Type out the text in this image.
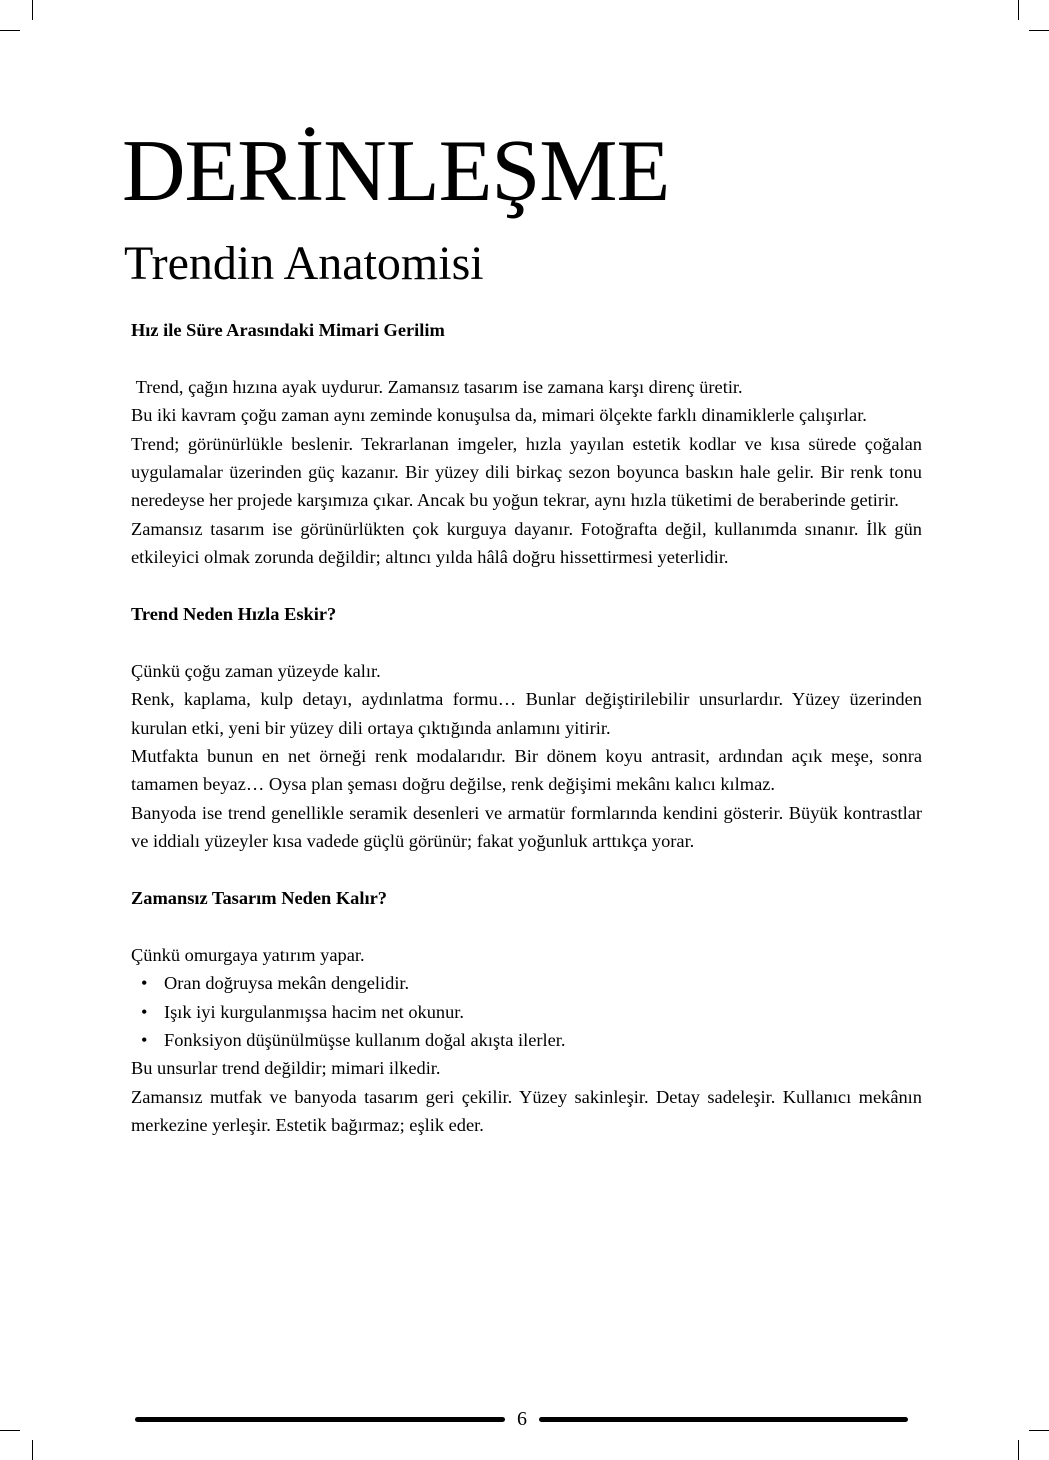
DERİNLEŞME
Trendin Anatomisi
Hız ile Süre Arasındaki Mimari Gerilim

Trend, çağın hızına ayak uydurur. Zamansız tasarım ise zamana karşı direnç üretir.

Bu iki kavram çoğu zaman aynı zeminde konuşulsa da, mimari ölçekte farklı dinamiklerle çalışırlar.

Trend; görünürlükle beslenir. Tekrarlanan imgeler, hızla yayılan estetik kodlar ve kısa sürede çoğalan uygulamalar üzerinden güç kazanır. Bir yüzey dili birkaç sezon boyunca baskın hale gelir. Bir renk tonu neredeyse her projede karşımıza çıkar. Ancak bu yoğun tekrar, aynı hızla tüketimi de beraberinde getirir.

Zamansız tasarım ise görünürlükten çok kurguya dayanır. Fotoğrafta değil, kullanımda sınanır. İlk gün etkileyici olmak zorunda değildir; altıncı yılda hâlâ doğru hissettirmesi yeterlidir.

Trend Neden Hızla Eskir?

Çünkü çoğu zaman yüzeyde kalır.

Renk, kaplama, kulp detayı, aydınlatma formu… Bunlar değiştirilebilir unsurlardır. Yüzey üzerinden kurulan etki, yeni bir yüzey dili ortaya çıktığında anlamını yitirir.

Mutfakta bunun en net örneği renk modalarıdır. Bir dönem koyu antrasit, ardından açık meşe, sonra tamamen beyaz… Oysa plan şeması doğru değilse, renk değişimi mekânı kalıcı kılmaz.

Banyoda ise trend genellikle seramik desenleri ve armatür formlarında kendini gösterir. Büyük kontrastlar ve iddialı yüzeyler kısa vadede güçlü görünür; fakat yoğunluk arttıkça yorar.

Zamansız Tasarım Neden Kalır?

Çünkü omurgaya yatırım yapar.

• Oran doğruysa mekân dengelidir.
• Işık iyi kurgulanmışsa hacim net okunur.
• Fonksiyon düşünülmüşse kullanım doğal akışta ilerler.

Bu unsurlar trend değildir; mimari ilkedir.

Zamansız mutfak ve banyoda tasarım geri çekilir. Yüzey sakinleşir. Detay sadeleşir. Kullanıcı mekânın merkezine yerleşir. Estetik bağırmaz; eşlik eder.

6
